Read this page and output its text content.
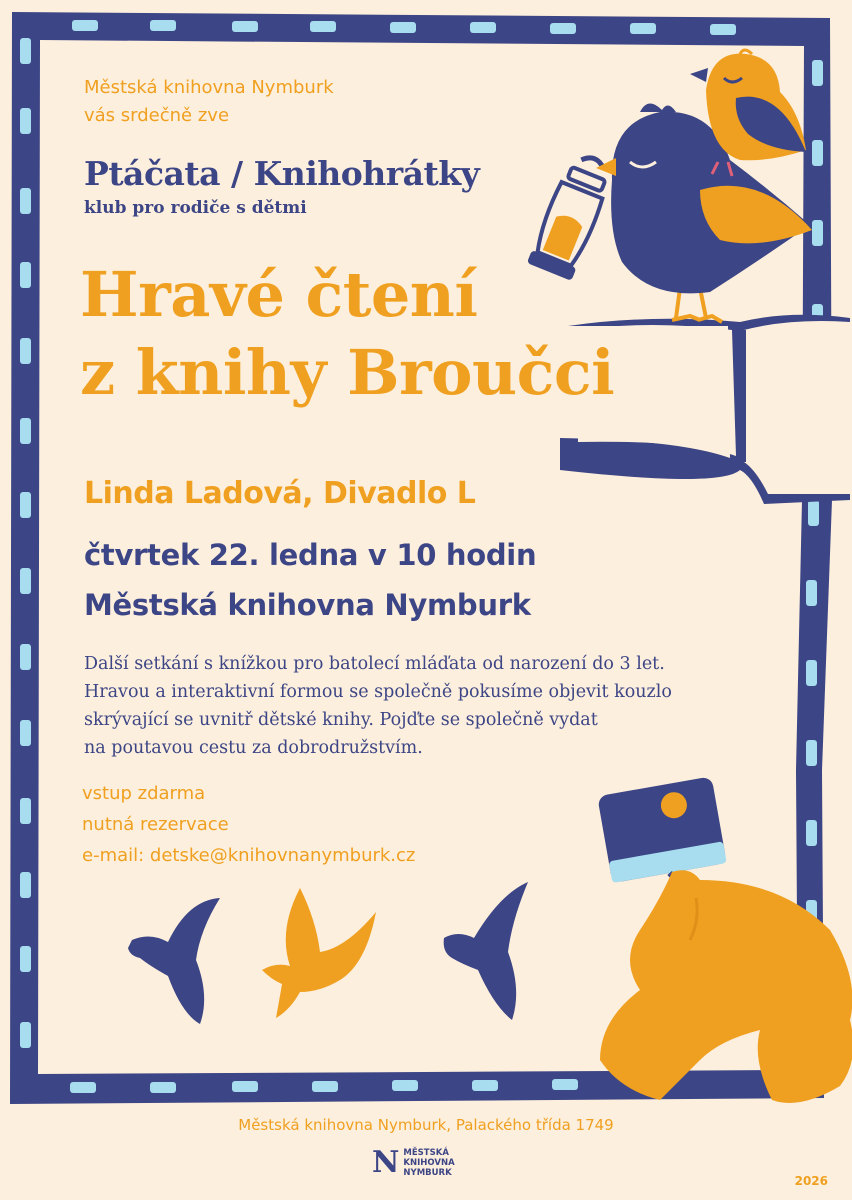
Městská knihovna Nymburk
vás srdečně zve

Ptáčata / Knihohrátky

klub pro rodiče s dětmi

Hravé čtení
z knihy Broučci

Linda Ladová, Divadlo L

čtvrtek 22. ledna v 10 hodin

Městská knihovna Nymburk

Další setkání s knížkou pro batolecí mláďata od narození do 3 let.
Hravou a interaktivní formou se společně pokusíme objevit kouzlo
skrývající se uvnitř dětské knihy. Pojďte se společně vydat
na poutavou cestu za dobrodružstvím.

vstup zdarma
nutná rezervace
e-mail: detske@knihovnanymburk.cz

Městská knihovna Nymburk, Palackého třída 1749

N MĚSTSKÁ
KNIHOVNA
NYMBURK

2026
